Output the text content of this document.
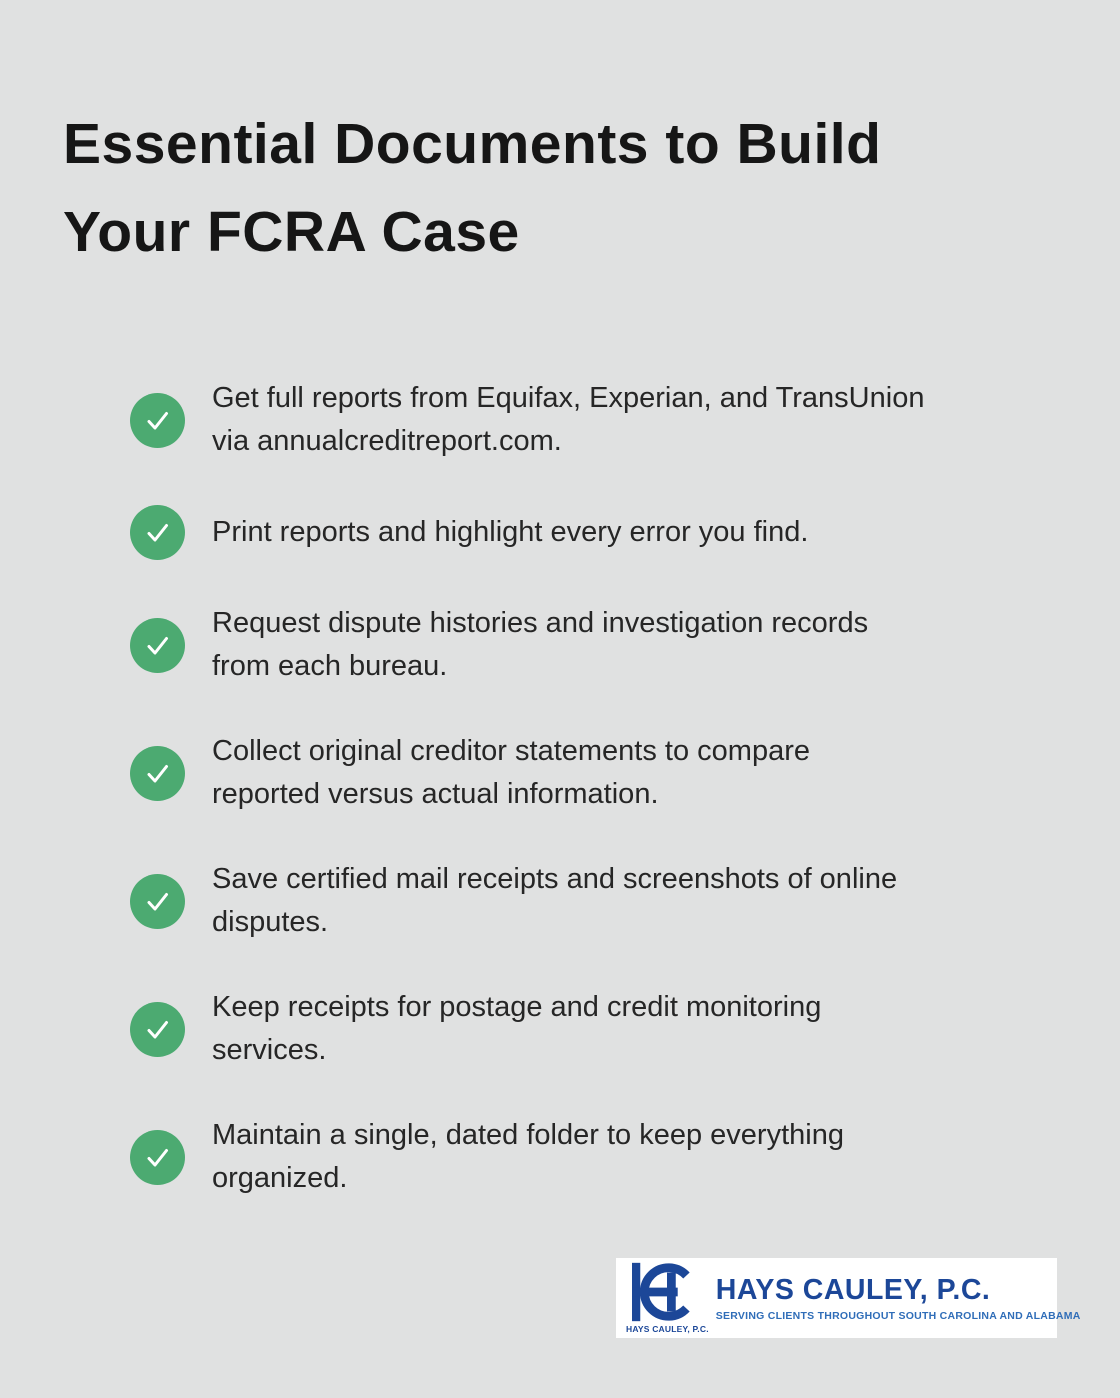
Essential Documents to Build
Your FCRA Case
Get full reports from Equifax, Experian, and TransUnion
via annualcreditreport.com.
Print reports and highlight every error you find.
Request dispute histories and investigation records
from each bureau.
Collect original creditor statements to compare
reported versus actual information.
Save certified mail receipts and screenshots of online
disputes.
Keep receipts for postage and credit monitoring
services.
Maintain a single, dated folder to keep everything
organized.
HAYS CAULEY, P.C.
HAYS CAULEY, P.C.
SERVING CLIENTS THROUGHOUT SOUTH CAROLINA AND ALABAMA
